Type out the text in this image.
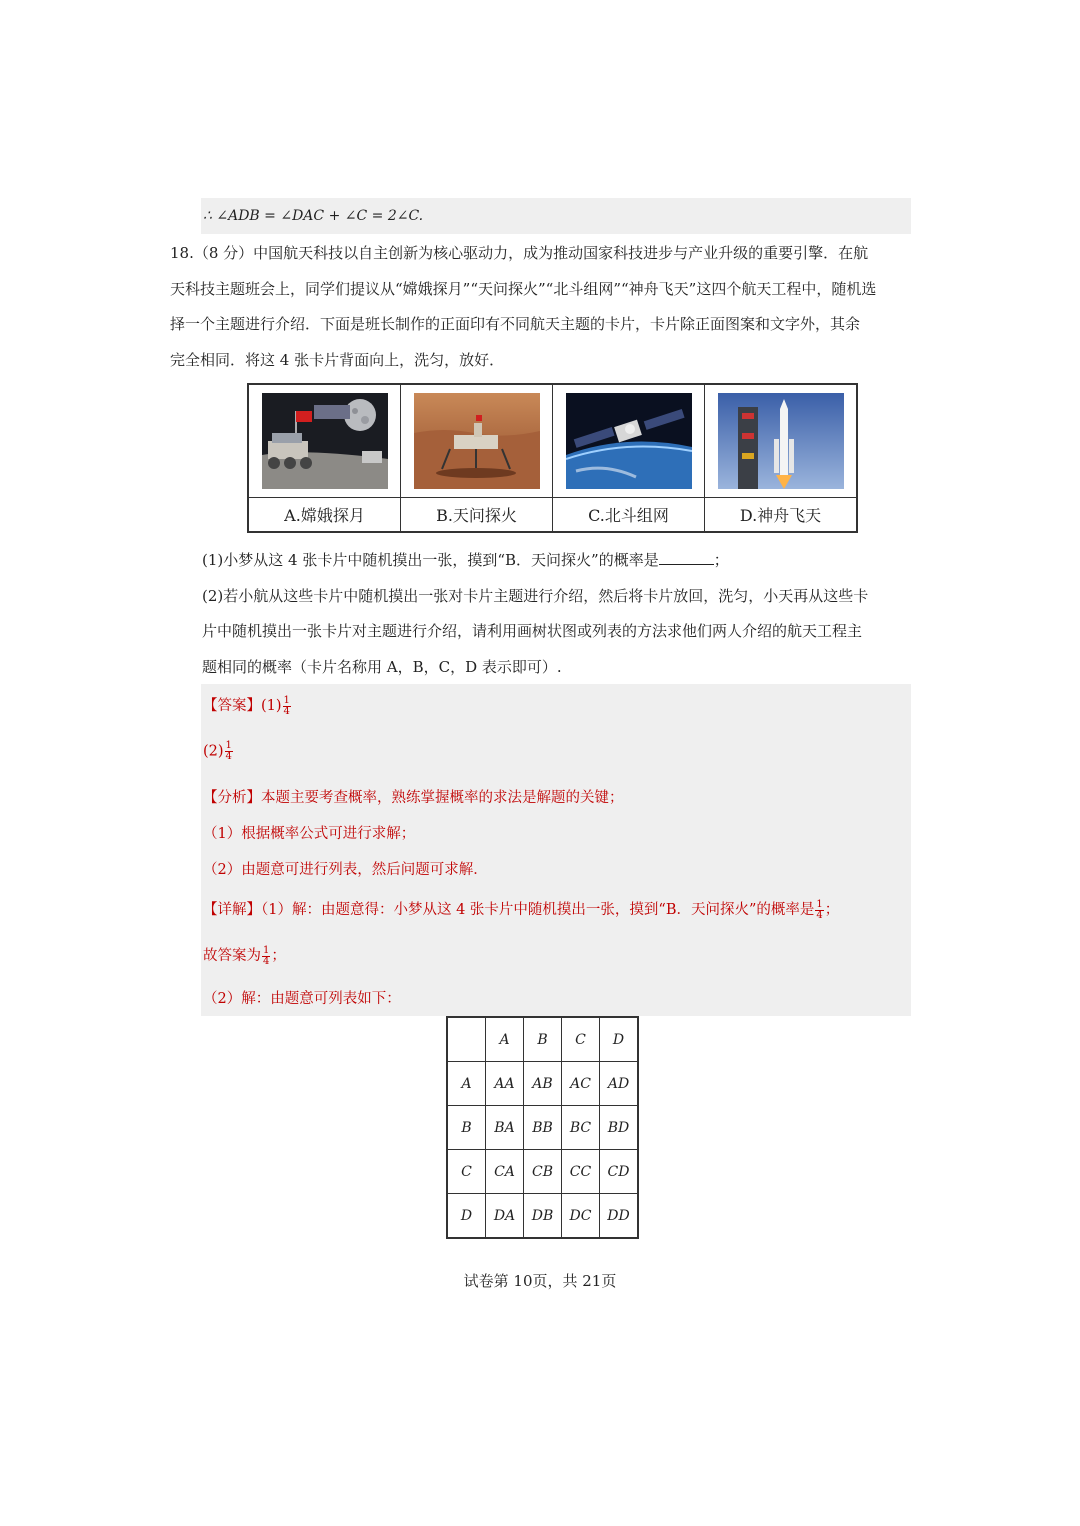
∴ ∠ADB = ∠DAC + ∠C = 2∠C.

18.（8 分）中国航天科技以自主创新为核心驱动力，成为推动国家科技进步与产业升级的重要引擎．在航

天科技主题班会上，同学们提议从“嫦娥探月”“天问探火”“北斗组网”“神舟飞天”这四个航天工程中，随机选

择一个主题进行介绍．下面是班长制作的正面印有不同航天主题的卡片，卡片除正面图案和文字外，其余

完全相同．将这 4 张卡片背面向上，洗匀，放好．

A.嫦娥探月	B.天问探火	C.北斗组网	D.神舟飞天

(1)小梦从这 4 张卡片中随机摸出一张，摸到“B．天问探火”的概率是	；

(2)若小航从这些卡片中随机摸出一张对卡片主题进行介绍，然后将卡片放回，洗匀，小天再从这些卡

片中随机摸出一张卡片对主题进行介绍，请利用画树状图或列表的方法求他们两人介绍的航天工程主

题相同的概率（卡片名称用 A，B，C，D 表示即可）.

【答案】$(1) \frac{1}{4}$
$(2) \frac{1}{4}$
【分析】本题主要考查概率，熟练掌握概率的求法是解题的关键；
（1）根据概率公式可进行求解；
（2）由题意可进行列表，然后问题可求解．
【详解】（1）解：由题意得：小梦从这 4 张卡片中随机摸出一张，摸到“B．天问探火”的概率是 $\frac{1}{4}$ ；
故答案为 $\frac{1}{4}$ ；
（2）解：由题意可列表如下：
	A	B	C	D
A	AA	AB	AC	AD
B	BA	BB	BC	BD
C	CA	CB	CC	CD
D	DA	DB	DC	DD
试卷第 10页，共 21页
